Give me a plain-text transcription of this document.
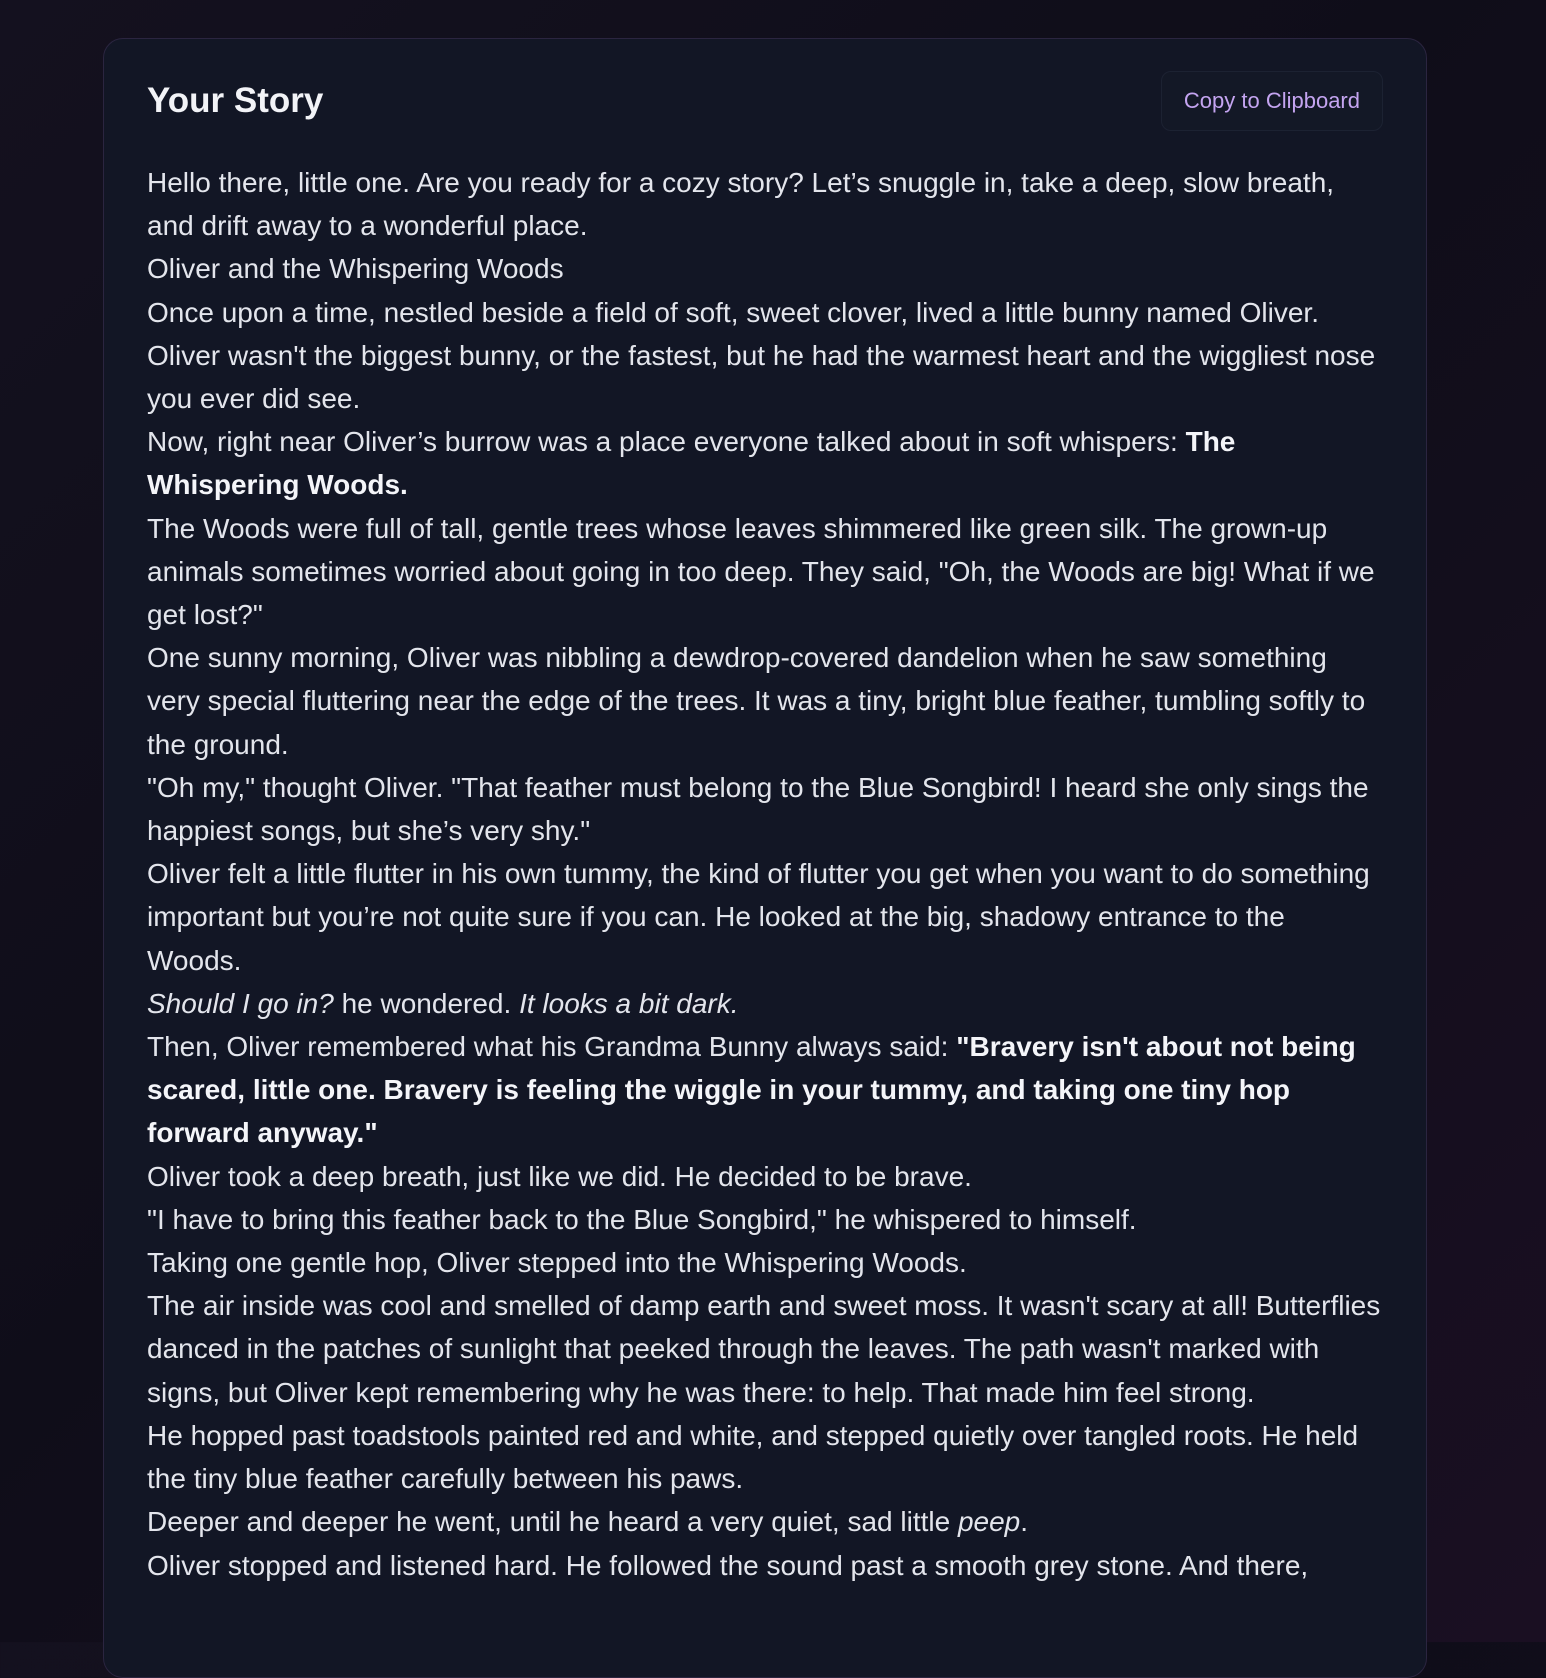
Your Story	Copy to Clipboard

Hello there, little one. Are you ready for a cozy story? Let’s snuggle in, take a deep, slow breath, and drift away to a wonderful place.

Oliver and the Whispering Woods

Once upon a time, nestled beside a field of soft, sweet clover, lived a little bunny named Oliver. Oliver wasn't the biggest bunny, or the fastest, but he had the warmest heart and the wiggliest nose you ever did see.

Now, right near Oliver’s burrow was a place everyone talked about in soft whispers: The Whispering Woods.

The Woods were full of tall, gentle trees whose leaves shimmered like green silk. The grown-up animals sometimes worried about going in too deep. They said, "Oh, the Woods are big! What if we get lost?"

One sunny morning, Oliver was nibbling a dewdrop-covered dandelion when he saw something very special fluttering near the edge of the trees. It was a tiny, bright blue feather, tumbling softly to the ground.

"Oh my," thought Oliver. "That feather must belong to the Blue Songbird! I heard she only sings the happiest songs, but she’s very shy."

Oliver felt a little flutter in his own tummy, the kind of flutter you get when you want to do something important but you’re not quite sure if you can. He looked at the big, shadowy entrance to the Woods.

Should I go in? he wondered. It looks a bit dark.

Then, Oliver remembered what his Grandma Bunny always said: "Bravery isn't about not being scared, little one. Bravery is feeling the wiggle in your tummy, and taking one tiny hop forward anyway."

Oliver took a deep breath, just like we did. He decided to be brave.

"I have to bring this feather back to the Blue Songbird," he whispered to himself.

Taking one gentle hop, Oliver stepped into the Whispering Woods.

The air inside was cool and smelled of damp earth and sweet moss. It wasn't scary at all! Butterflies danced in the patches of sunlight that peeked through the leaves. The path wasn't marked with signs, but Oliver kept remembering why he was there: to help. That made him feel strong.

He hopped past toadstools painted red and white, and stepped quietly over tangled roots. He held the tiny blue feather carefully between his paws.

Deeper and deeper he went, until he heard a very quiet, sad little peep.

Oliver stopped and listened hard. He followed the sound past a smooth grey stone. And there,
